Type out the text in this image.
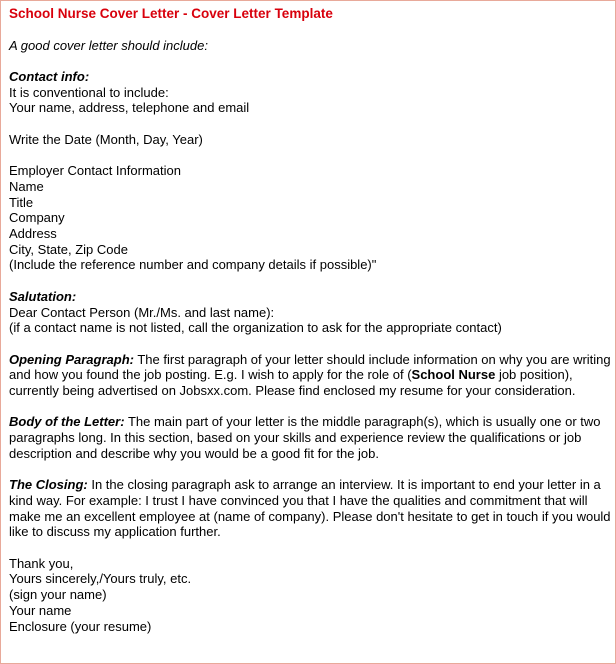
School Nurse Cover Letter - Cover Letter Template
A good cover letter should include:
Contact info:
It is conventional to include:
Your name, address, telephone and email
Write the Date (Month, Day, Year)
Employer Contact Information
Name
Title
Company
Address
City, State, Zip Code
(Include the reference number and company details if possible)"
Salutation:
Dear Contact Person (Mr./Ms. and last name):
(if a contact name is not listed, call the organization to ask for the appropriate contact)
Opening Paragraph: The first paragraph of your letter should include information on why you are writing and how you found the job posting. E.g. I wish to apply for the role of (School Nurse job position), currently being advertised on Jobsxx.com. Please find enclosed my resume for your consideration.
Body of the Letter: The main part of your letter is the middle paragraph(s), which is usually one or two paragraphs long. In this section, based on your skills and experience review the qualifications or job description and describe why you would be a good fit for the job.
The Closing: In the closing paragraph ask to arrange an interview. It is important to end your letter in a kind way. For example: I trust I have convinced you that I have the qualities and commitment that will make me an excellent employee at (name of company). Please don't hesitate to get in touch if you would like to discuss my application further.
Thank you,
Yours sincerely,/Yours truly, etc.
(sign your name)
Your name
Enclosure (your resume)
